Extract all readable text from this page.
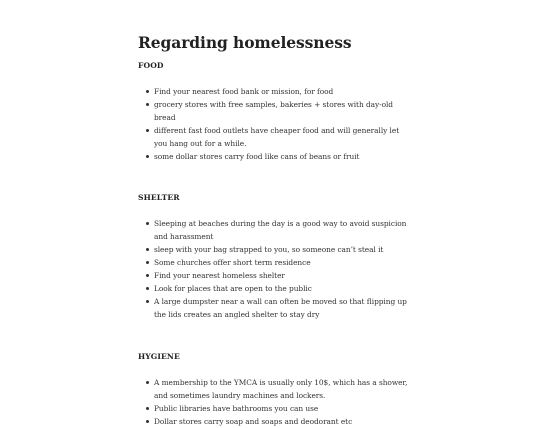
Regarding homelessness
FOOD
Find your nearest food bank or mission, for food
grocery stores with free samples, bakeries + stores with day-old bread
different fast food outlets have cheaper food and will generally let you hang out for a while.
some dollar stores carry food like cans of beans or fruit
SHELTER
Sleeping at beaches during the day is a good way to avoid suspicion and harassment
sleep with your bag strapped to you, so someone can’t steal it
Some churches offer short term residence
Find your nearest homeless shelter
Look for places that are open to the public
A large dumpster near a wall can often be moved so that flipping up the lids creates an angled shelter to stay dry
HYGIENE
A membership to the YMCA is usually only 10$, which has a shower, and sometimes laundry machines and lockers.
Public libraries have bathrooms you can use
Dollar stores carry soap and soaps and deodorant etc
